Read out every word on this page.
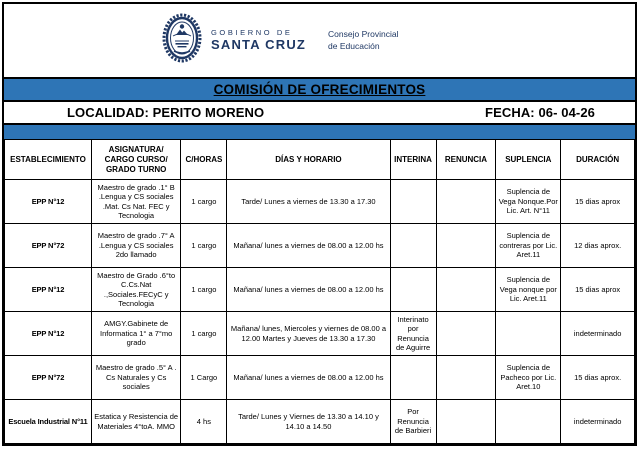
GOBIERNO DE
SANTA CRUZ
Consejo Provincial
de Educación
COMISIÓN DE OFRECIMIENTOS
LOCALIDAD: PERITO MORENO	FECHA: 06- 04-26
ESTABLECIMIENTO	ASIGNATURA/ CARGO CURSO/ GRADO TURNO	C/HORAS	DÍAS Y HORARIO	INTERINA	RENUNCIA	SUPLENCIA	DURACIÓN
EPP N°12	Maestro de grado .1° B .Lengua y CS sociales .Mat. Cs Nat. FEC y Tecnologia	1 cargo	Tarde/ Lunes a viernes de 13.30 a 17.30			Suplencia de Vega Nonque.Por Lic. Art. N°11	15 dias aprox
EPP N°72	Maestro de grado .7° A .Lengua y CS sociales 2do llamado	1 cargo	Mañana/ lunes a viernes de 08.00 a 12.00 hs			Suplencia de contreras por Lic. Aret.11	12 dias aprox.
EPP N°12	Maestro de Grado .6°to C.Cs.Nat .,Sociales.FECyC y Tecnologia	1 cargo	Mañana/ lunes a viernes de 08.00 a 12.00 hs			Suplencia de Vega nonque por Lic. Aret.11	15 dias aprox
EPP N°12	AMGY.Gabinete de Informatica 1° a 7°mo grado	1 cargo	Mañana/ lunes, Miercoles y viernes de 08.00 a 12.00 Martes y Jueves de 13.30 a 17.30	Interinato por Renuncia de Aguirre			indeterminado
EPP N°72	Maestro de grado .5° A . Cs Naturales y Cs sociales	1 Cargo	Mañana/ lunes a viernes de 08.00 a 12.00 hs			Suplencia de Pacheco por Lic. Aret.10	15 dias aprox.
Escuela Industrial N°11	Estatica y Resistencia de Materiales 4°toA. MMO	4 hs	Tarde/ Lunes y Viernes de 13.30 a 14.10 y 14.10 a 14.50	Por Renuncia de Barbieri			indeterminado
